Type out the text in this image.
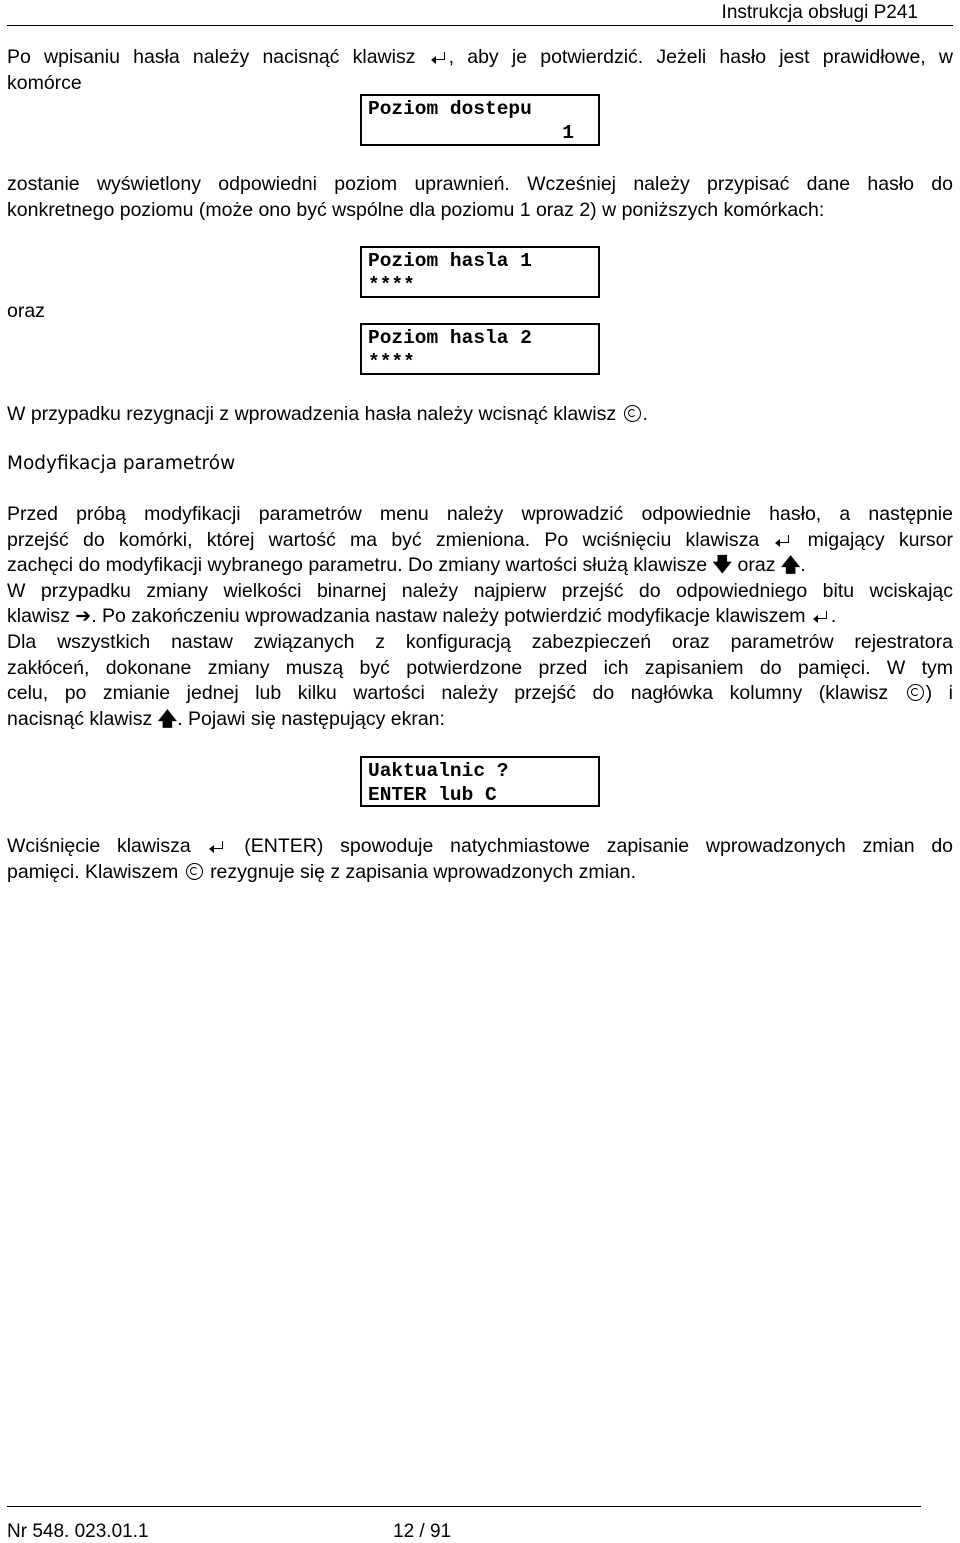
Instrukcja obsługi P241
Po wpisaniu hasła należy nacisnąć klawisz , aby je potwierdzić. Jeżeli hasło jest prawidłowe, w
komórce
Poziom dostepu
1
zostanie wyświetlony odpowiedni poziom uprawnień. Wcześniej należy przypisać dane hasło do
konkretnego poziomu (może ono być wspólne dla poziomu 1 oraz 2) w poniższych komórkach:
Poziom hasla 1
****
oraz
Poziom hasla 2
****
W przypadku rezygnacji z wprowadzenia hasła należy wcisnąć klawisz .
Modyfikacja parametrów
Przed próbą modyfikacji parametrów menu należy wprowadzić odpowiednie hasło, a następnie
przejść do komórki, której wartość ma być zmieniona. Po wciśnięciu klawisza migający kursor
zachęci do modyfikacji wybranego parametru. Do zmiany wartości służą klawisze 🡇 oraz 🡅.
W przypadku zmiany wielkości binarnej należy najpierw przejść do odpowiedniego bitu wciskając
klawisz ➔. Po zakończeniu wprowadzania nastaw należy potwierdzić modyfikacje klawiszem .
Dla wszystkich nastaw związanych z konfiguracją zabezpieczeń oraz parametrów rejestratora
zakłóceń, dokonane zmiany muszą być potwierdzone przed ich zapisaniem do pamięci. W tym
celu, po zmianie jednej lub kilku wartości należy przejść do nagłówka kolumny (klawisz ) i
nacisnąć klawisz 🡅. Pojawi się następujący ekran:
Uaktualnic ?
ENTER lub C
Wciśnięcie klawisza	(ENTER) spowoduje natychmiastowe zapisanie wprowadzonych zmian do
pamięci. Klawiszem rezygnuje się z zapisania wprowadzonych zmian.
Nr 548. 023.01.1	12 / 91
